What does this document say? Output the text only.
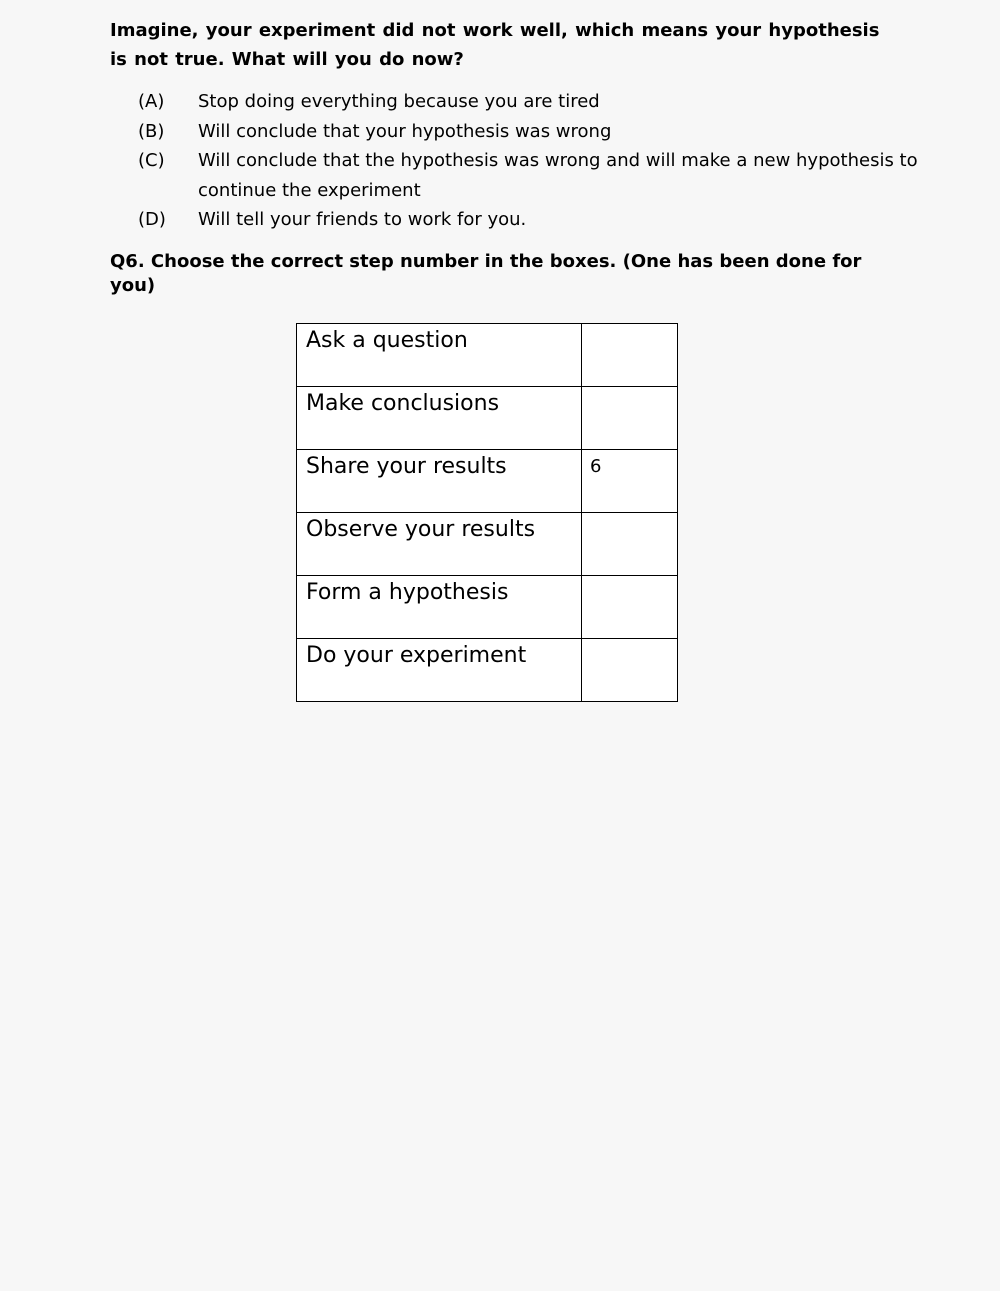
Imagine, your experiment did not work well, which means your hypothesis is not true. What will you do now?
(A)	Stop doing everything because you are tired
(B)	Will conclude that your hypothesis was wrong
(C)	Will conclude that the hypothesis was wrong and will make a new hypothesis to continue the experiment
(D)	Will tell your friends to work for you.
Q6. Choose the correct step number in the boxes. (One has been done for you)
Ask a question	
Make conclusions	
Share your results	6
Observe your results	
Form a hypothesis	
Do your experiment	
